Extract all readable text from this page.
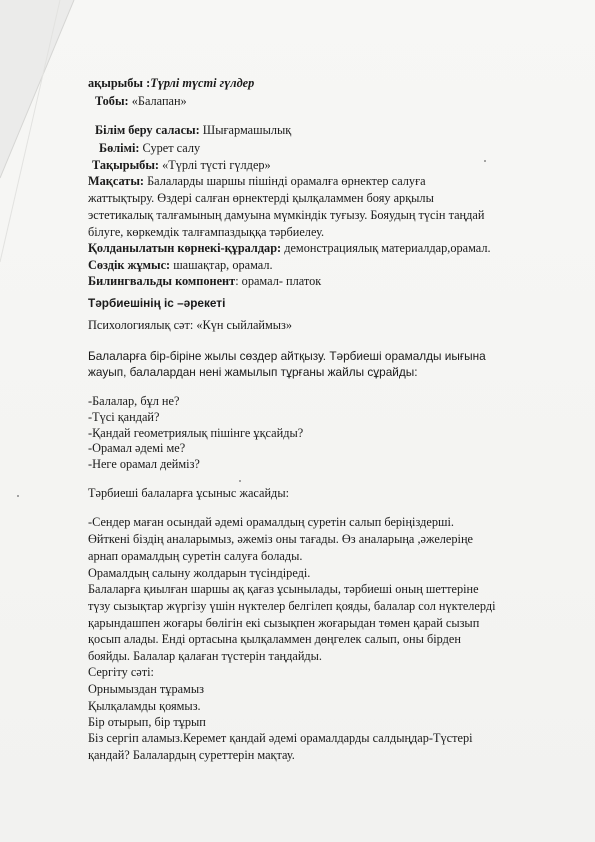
ақырыбы :Түрлі түсті гүлдер
Тобы: «Балапан»
Білім беру саласы: Шығармашылық
Бөлімі: Сурет салу
Тақырыбы: «Түрлі түсті гүлдер»
Мақсаты: Балаларды шаршы пішінді орамалға өрнектер салуға
жаттықтыру. Өздері салған өрнектерді қылқаламмен бояу арқылы
эстетикалық талғамының дамуына мүмкіндік туғызу. Бояудың түсін таңдай
білуге, көркемдік талғампаздыққа тәрбиелеу.
Қолданылатын көрнекі-құралдар: демонстрациялық материалдар,орамал.
Сөздік жұмыс: шашақтар, орамал.
Билингвальды компонент: орамал- платок
Тәрбиешінің іс –әрекеті
Психологиялық сәт: «Күн сыйлаймыз»
Балаларға бір-біріне жылы сөздер айтқызу. Тәрбиеші орамалды иығына
жауып, балалардан нені жамылып тұрғаны жайлы сұрайды:
-Балалар, бұл не?
-Түсі қандай?
-Қандай геометриялық пішінге ұқсайды?
-Орамал әдемі ме?
-Неге орамал дейміз?
Тәрбиеші балаларға ұсыныс жасайды:
-Сендер маған осындай әдемі орамалдың суретін салып беріңіздерші.
Өйткені біздің аналарымыз, әжеміз оны тағады. Өз аналарыңа ,әжелеріңе
арнап орамалдың суретін салуға болады.
Орамалдың салыну жолдарын түсіндіреді.
Балаларға қиылған шаршы ақ қағаз ұсынылады, тәрбиеші оның шеттеріне
түзу сызықтар жүргізу үшін нүктелер белгілеп қояды, балалар сол нүктелерді
қарындашпен жоғары бөлігін екі сызықпен жоғарыдан төмен қарай сызып
қосып алады. Енді ортасына қылқаламмен дөңгелек салып, оны бірден
бояйды. Балалар қалаған түстерін таңдайды.
Сергіту сәті:
Орнымыздан тұрамыз
Қылқаламды қоямыз.
Бір отырып, бір тұрып
Біз сергіп аламыз.Керемет қандай әдемі орамалдарды салдыңдар-Түстері
қандай? Балалардың суреттерін мақтау.
